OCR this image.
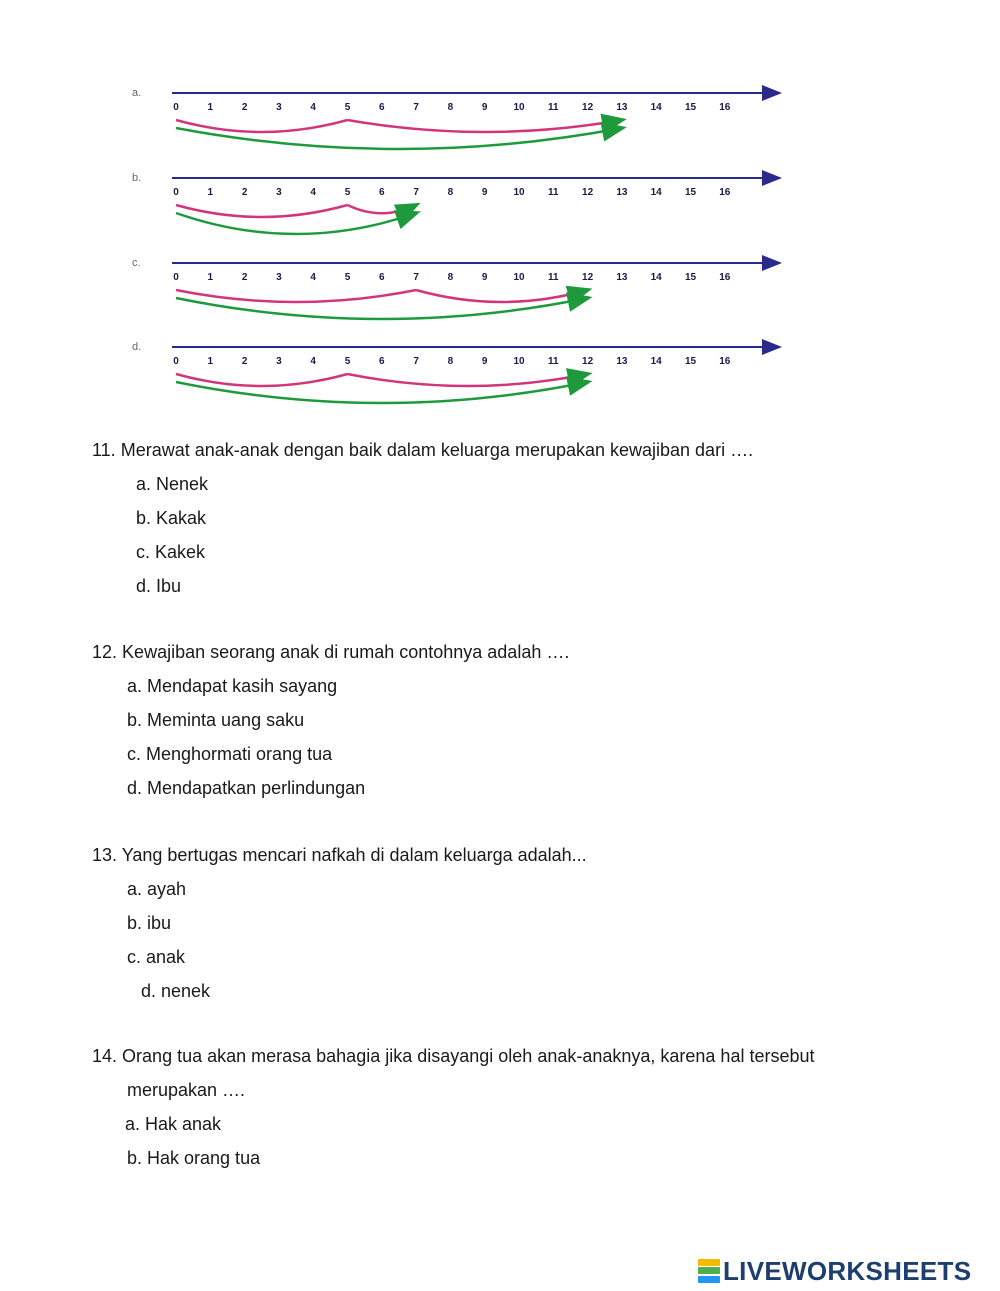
a.
0	1	2	3	4	5	6	7	8	9	10 11 12 13 14 15 16
b.
0	1	2	3	4	5	6	7	8	9	10 11 12 13 14 15 16
c.
0	1	2	3	4	5	6	7	8	9	10 11 12 13 14 15 16
d.
0	1	2	3	4	5	6	7	8	9	10 11 12 13 14 15 16
11. Merawat anak-anak dengan baik dalam keluarga merupakan kewajiban dari ….
a. Nenek
b. Kakak
c. Kakek
d. Ibu
12. Kewajiban seorang anak di rumah contohnya adalah ….
a. Mendapat kasih sayang
b. Meminta uang saku
c. Menghormati orang tua
d. Mendapatkan perlindungan
13. Yang bertugas mencari nafkah di dalam keluarga adalah...
a. ayah
b. ibu
c. anak
d. nenek
14. Orang tua akan merasa bahagia jika disayangi oleh anak-anaknya, karena hal tersebut
merupakan ….
a. Hak anak
b. Hak orang tua
LIVEWORKSHEETS
